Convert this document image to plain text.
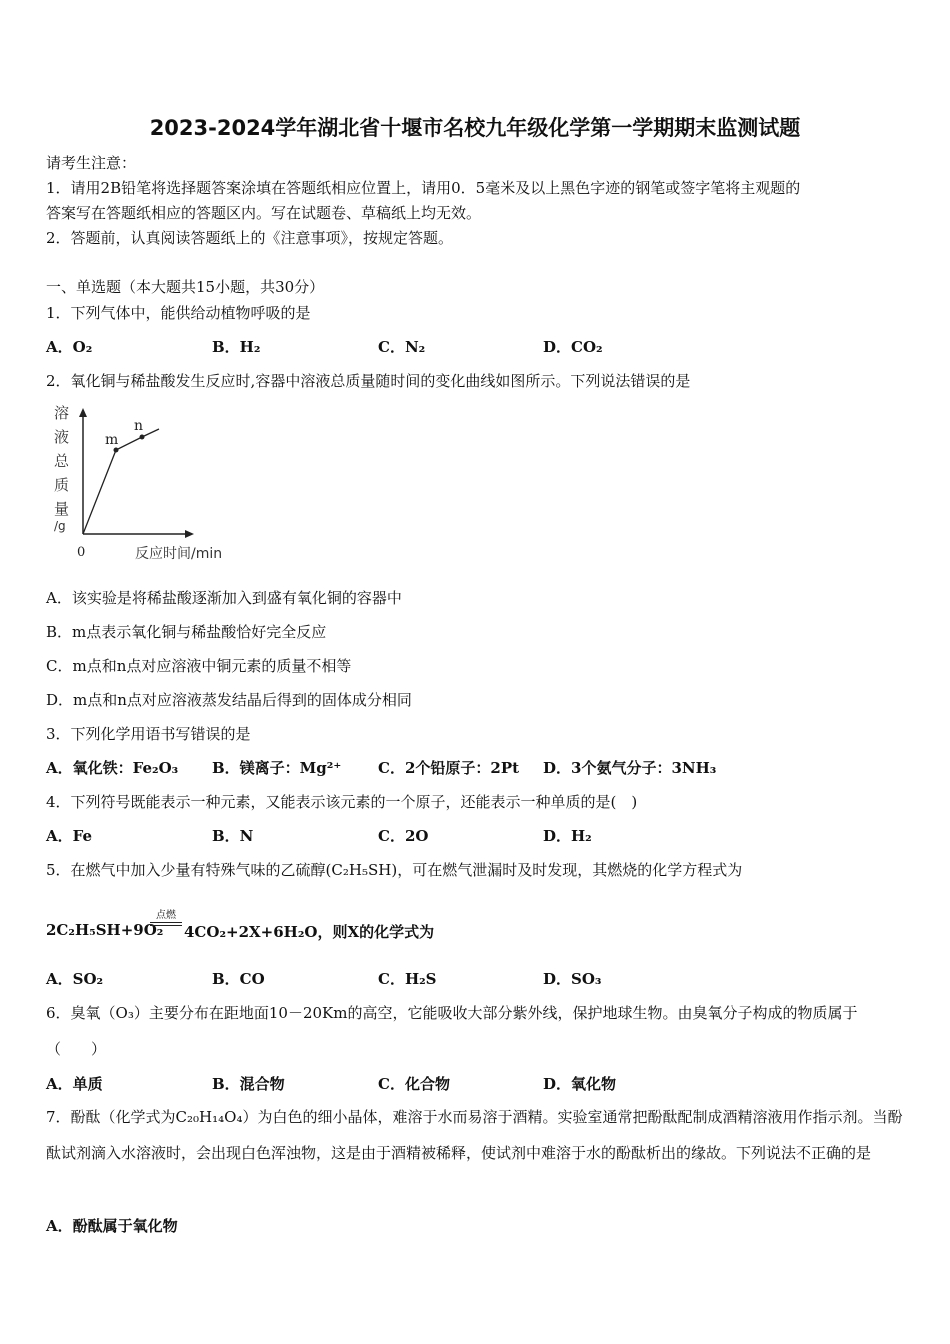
2023-2024学年湖北省十堰市名校九年级化学第一学期期末监测试题
请考生注意：
1．请用2B铅笔将选择题答案涂填在答题纸相应位置上，请用0．5毫米及以上黑色字迹的钢笔或签字笔将主观题的
答案写在答题纸相应的答题区内。写在试题卷、草稿纸上均无效。
2．答题前，认真阅读答题纸上的《注意事项》，按规定答题。
一、单选题（本大题共15小题，共30分）
1．下列气体中，能供给动植物呼吸的是
A．O₂	B．H₂	C．N₂	D．CO₂
2．氧化铜与稀盐酸发生反应时,容器中溶液总质量随时间的变化曲线如图所示。下列说法错误的是
溶
液
总
质
量
/g
m
n
0	反应时间/min
A．该实验是将稀盐酸逐渐加入到盛有氧化铜的容器中
B．m点表示氧化铜与稀盐酸恰好完全反应
C．m点和n点对应溶液中铜元素的质量不相等
D．m点和n点对应溶液蒸发结晶后得到的固体成分相同
3．下列化学用语书写错误的是
A．氧化铁：Fe₂O₃ B．镁离子：Mg²⁺ C．2个铅原子：2Pt D．3个氨气分子：3NH₃
4．下列符号既能表示一种元素，又能表示该元素的一个原子，还能表示一种单质的是(　)
A．Fe	B．N	C．2O	D．H₂
5．在燃气中加入少量有特殊气味的乙硫醇(C₂H₅SH)，可在燃气泄漏时及时发现，其燃烧的化学方程式为
2C₂H₅SH+9O₂
点燃
4CO₂+2X+6H₂O，则X的化学式为
A．SO₂	B．CO	C．H₂S	D．SO₃
6．臭氧（O₃）主要分布在距地面10－20Km的高空，它能吸收大部分紫外线，保护地球生物。由臭氧分子构成的物质属于（　　）
A．单质	B．混合物	C．化合物	D．氧化物
7．酚酞（化学式为C₂₀H₁₄O₄）为白色的细小晶体，难溶于水而易溶于酒精。实验室通常把酚酞配制成酒精溶液用作指示剂。当酚酞试剂滴入水溶液时，会出现白色浑浊物，这是由于酒精被稀释，使试剂中难溶于水的酚酞析出的缘故。下列说法不正确的是
A．酚酞属于氧化物
